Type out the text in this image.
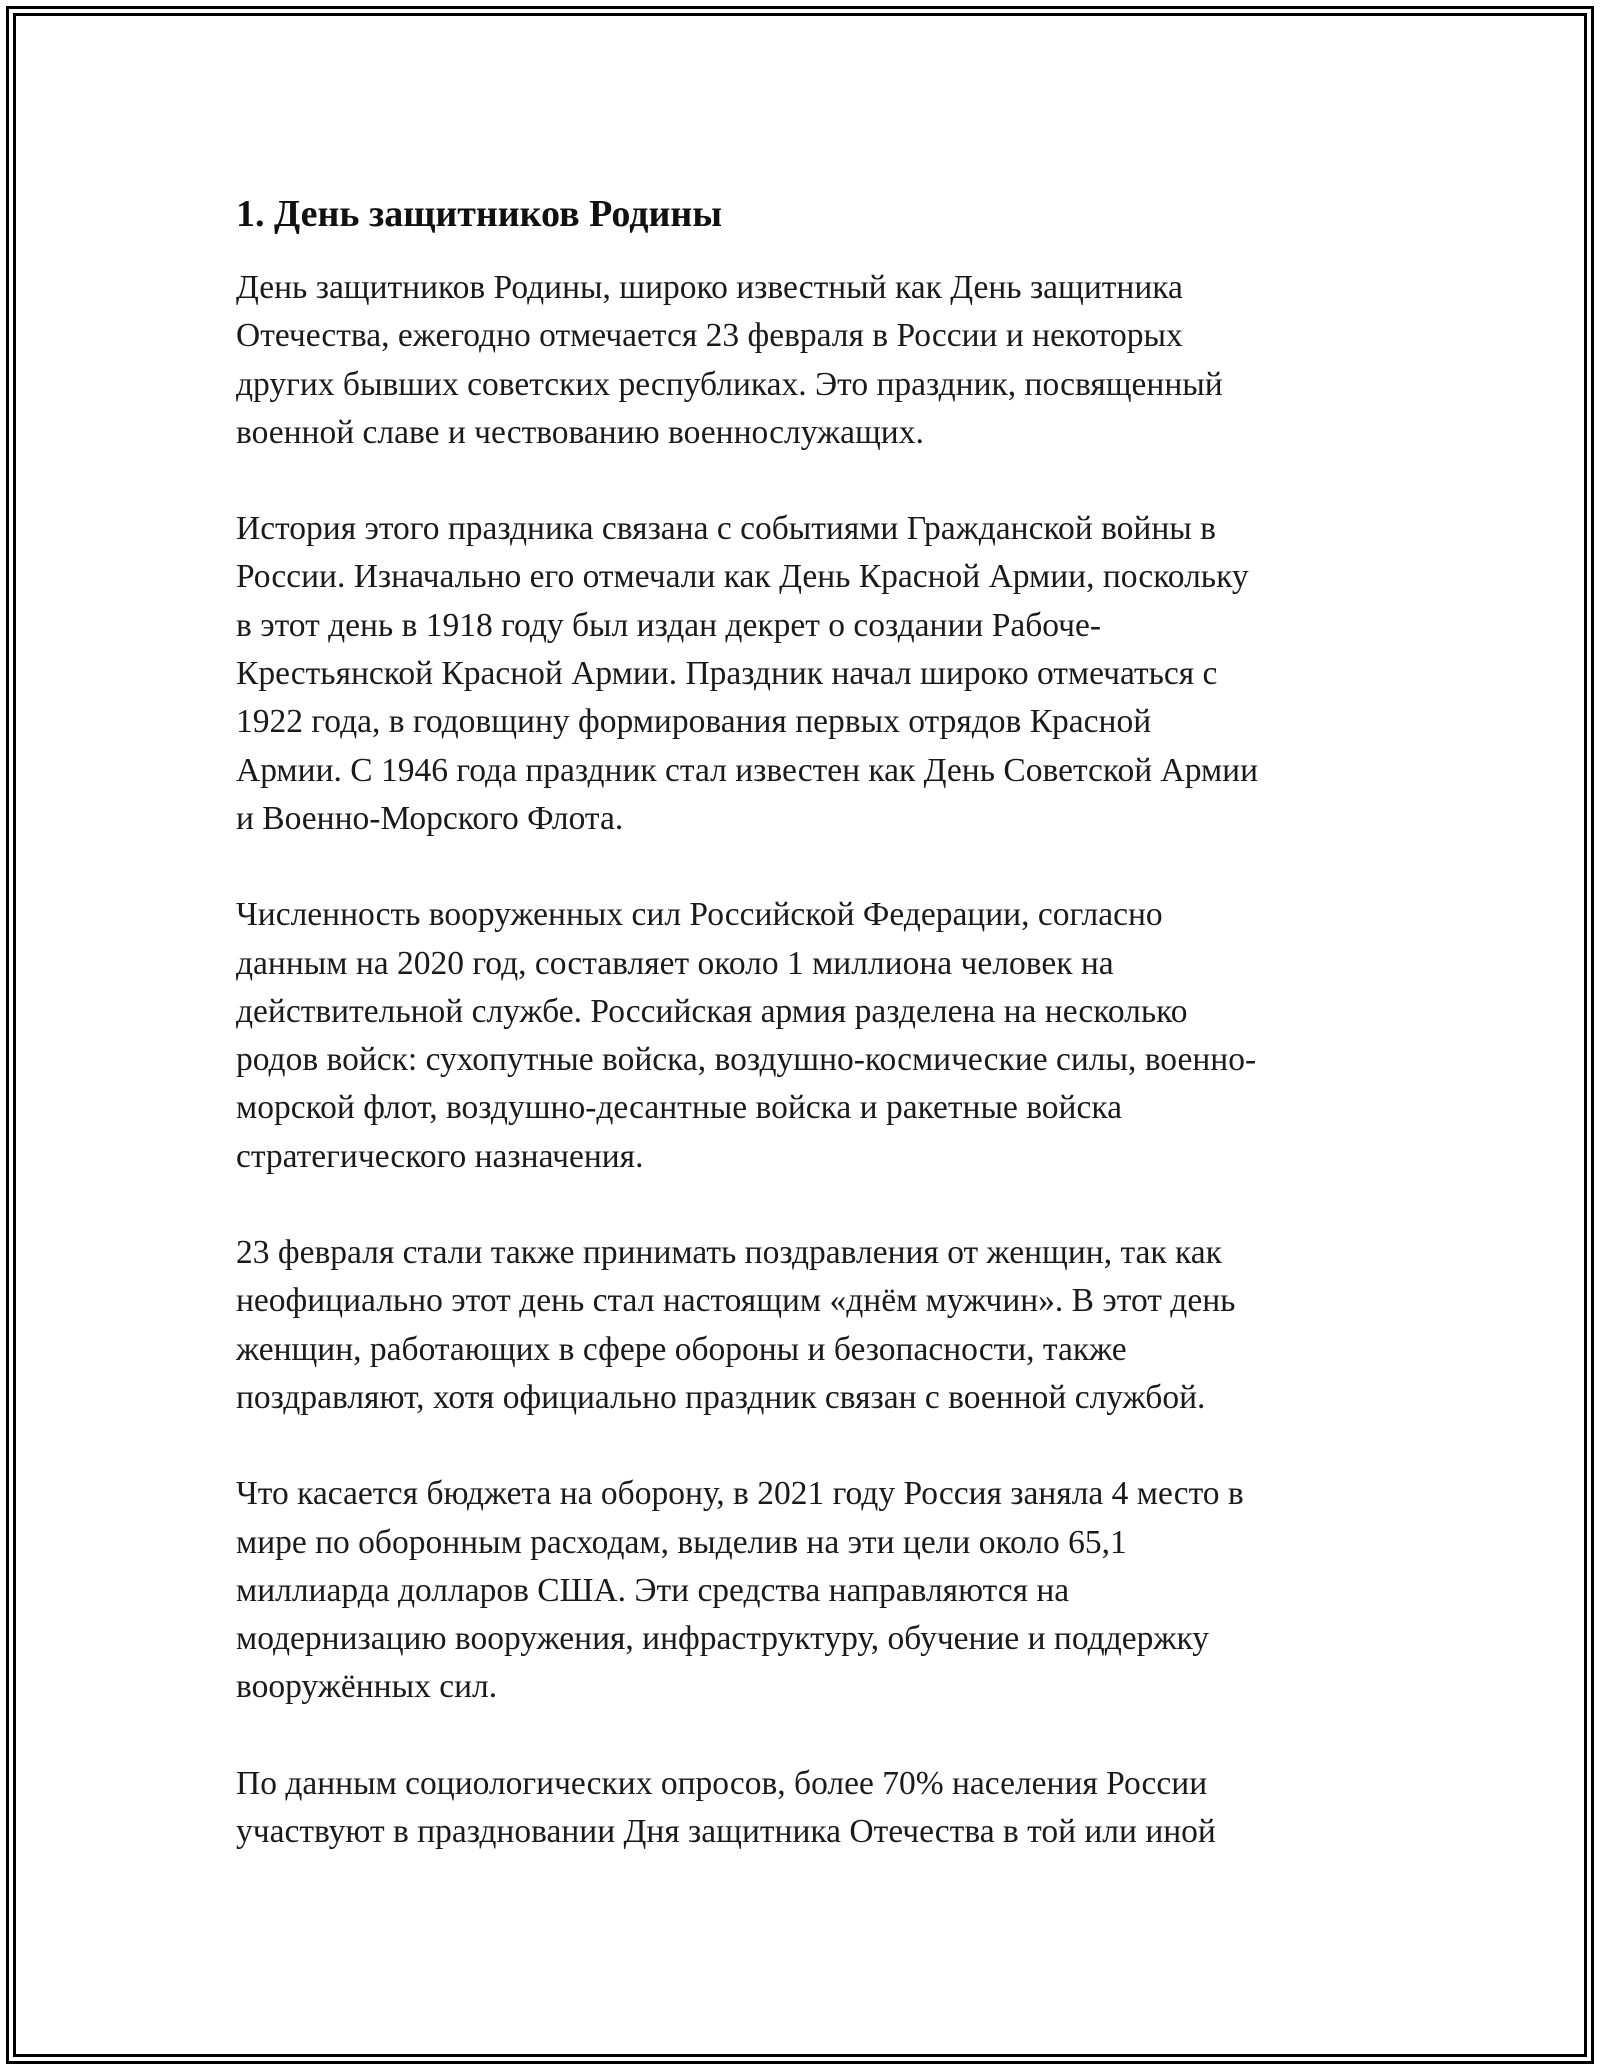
1. День защитников Родины

День защитников Родины, широко известный как День защитника
Отечества, ежегодно отмечается 23 февраля в России и некоторых
других бывших советских республиках. Это праздник, посвященный
военной славе и чествованию военнослужащих.

История этого праздника связана с событиями Гражданской войны в
России. Изначально его отмечали как День Красной Армии, поскольку
в этот день в 1918 году был издан декрет о создании Рабоче-
Крестьянской Красной Армии. Праздник начал широко отмечаться с
1922 года, в годовщину формирования первых отрядов Красной
Армии. С 1946 года праздник стал известен как День Советской Армии
и Военно-Морского Флота.

Численность вооруженных сил Российской Федерации, согласно
данным на 2020 год, составляет около 1 миллиона человек на
действительной службе. Российская армия разделена на несколько
родов войск: сухопутные войска, воздушно-космические силы, военно-
морской флот, воздушно-десантные войска и ракетные войска
стратегического назначения.

23 февраля стали также принимать поздравления от женщин, так как
неофициально этот день стал настоящим «днём мужчин». В этот день
женщин, работающих в сфере обороны и безопасности, также
поздравляют, хотя официально праздник связан с военной службой.

Что касается бюджета на оборону, в 2021 году Россия заняла 4 место в
мире по оборонным расходам, выделив на эти цели около 65,1
миллиарда долларов США. Эти средства направляются на
модернизацию вооружения, инфраструктуру, обучение и поддержку
вооружённых сил.

По данным социологических опросов, более 70% населения России
участвуют в праздновании Дня защитника Отечества в той или иной
